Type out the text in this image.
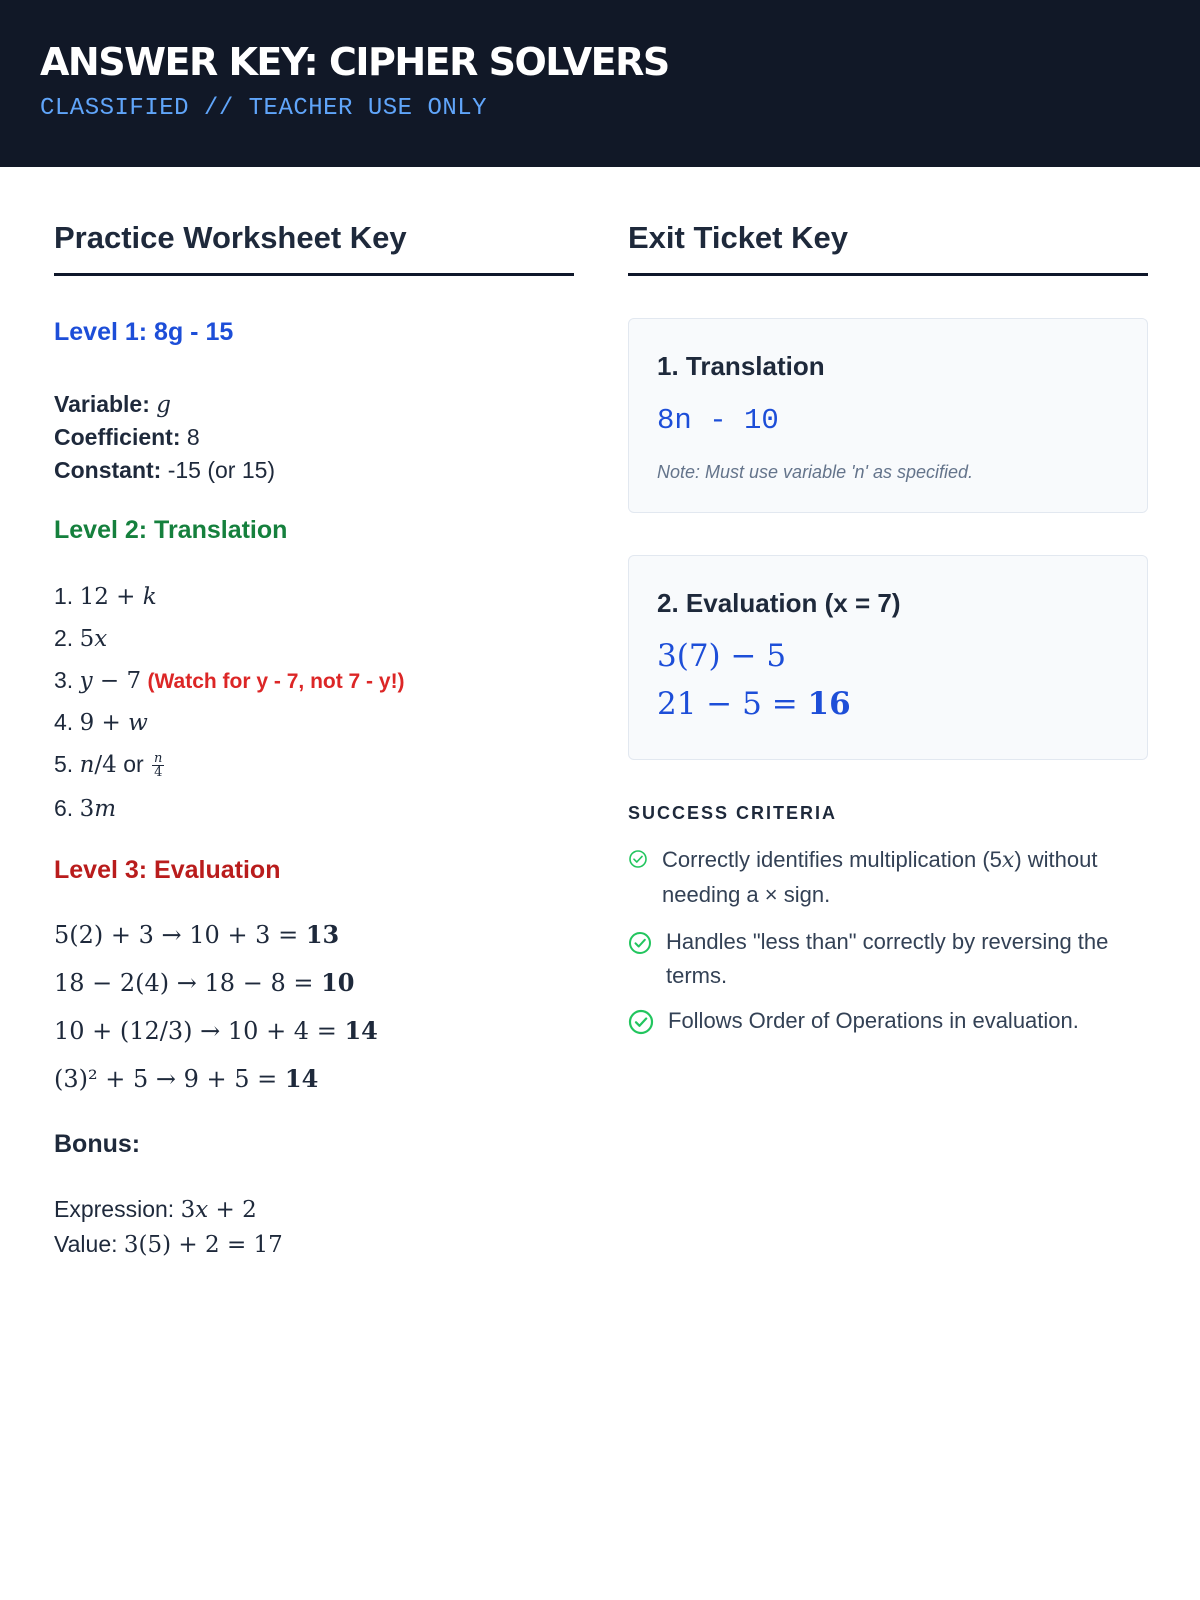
ANSWER KEY: CIPHER SOLVERS
CLASSIFIED // TEACHER USE ONLY
Practice Worksheet Key
Level 1: 8g - 15
Variable: g
Coefficient: 8
Constant: -15 (or 15)
Level 2: Translation
1. 12 + k
2. 5x
3. y − 7 (Watch for y - 7, not 7 - y!)
4. 9 + w
5. n/4 or $\frac{n}{4}$
6. 3m
Level 3: Evaluation
5(2) + 3 → 10 + 3 = 13
18 − 2(4) → 18 − 8 = 10
10 + (12/3) → 10 + 4 = 14
(3)² + 5 → 9 + 5 = 14
Bonus:
Expression: 3x + 2
Value: 3(5) + 2 = 17
Exit Ticket Key
1. Translation
8n - 10
Note: Must use variable 'n' as specified.
2. Evaluation (x = 7)
3(7) − 5
21 − 5 = 16
SUCCESS CRITERIA
Correctly identifies multiplication (5x) without needing a × sign.
Handles "less than" correctly by reversing the terms.
Follows Order of Operations in evaluation.
